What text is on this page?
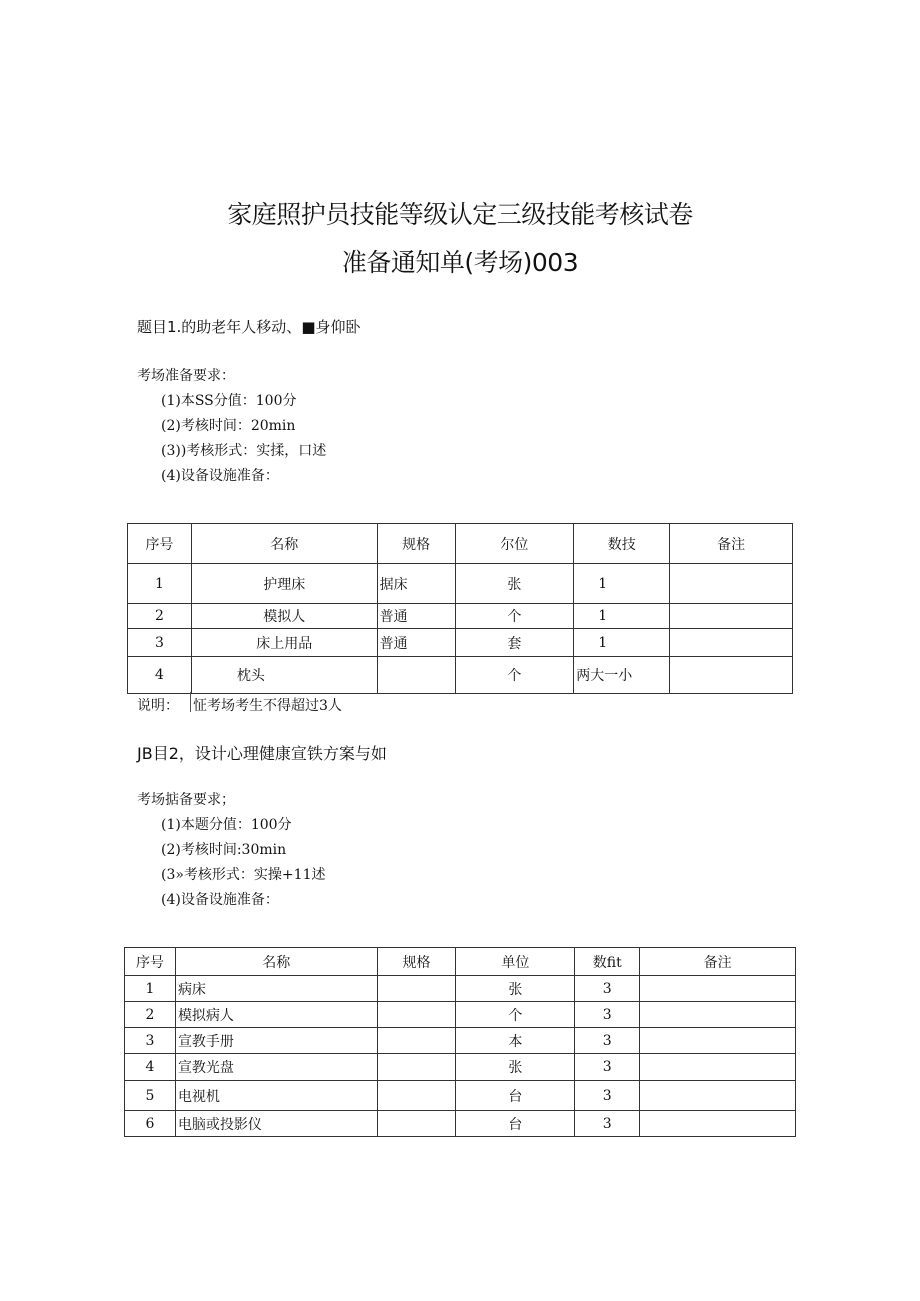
家庭照护员技能等级认定三级技能考核试卷
准备通知单(考场)003
题目1.的助老年人移动、■身仰卧
考场准备要求：
(1)本SS分值：100分
(2)考核时间：20min
(3))考核形式：实揉，口述
(4)设备设施准备：
序号	名称	规格	尔位	数技	备注
1	护理床	据床	张	1	
2	模拟人	普通	个	1	
3	床上用品	普通	套	1	
4	枕头		个	两大一小	
说明： 怔考场考生不得超过3人
JB目2，设计心理健康宣铁方案与如
考场掂备要求；
(1)本题分值：100分
(2)考核时间:30min
(3»考核形式：实操+11述
(4)设备设施准备：
序号	名称	规格	单位	数fit	备注
1	病床		张	3	
2	模拟病人		个	3	
3	宣教手册		本	3	
4	宣教光盘		张	3	
5	电视机		台	3	
6	电脑或投影仪		台	3	
